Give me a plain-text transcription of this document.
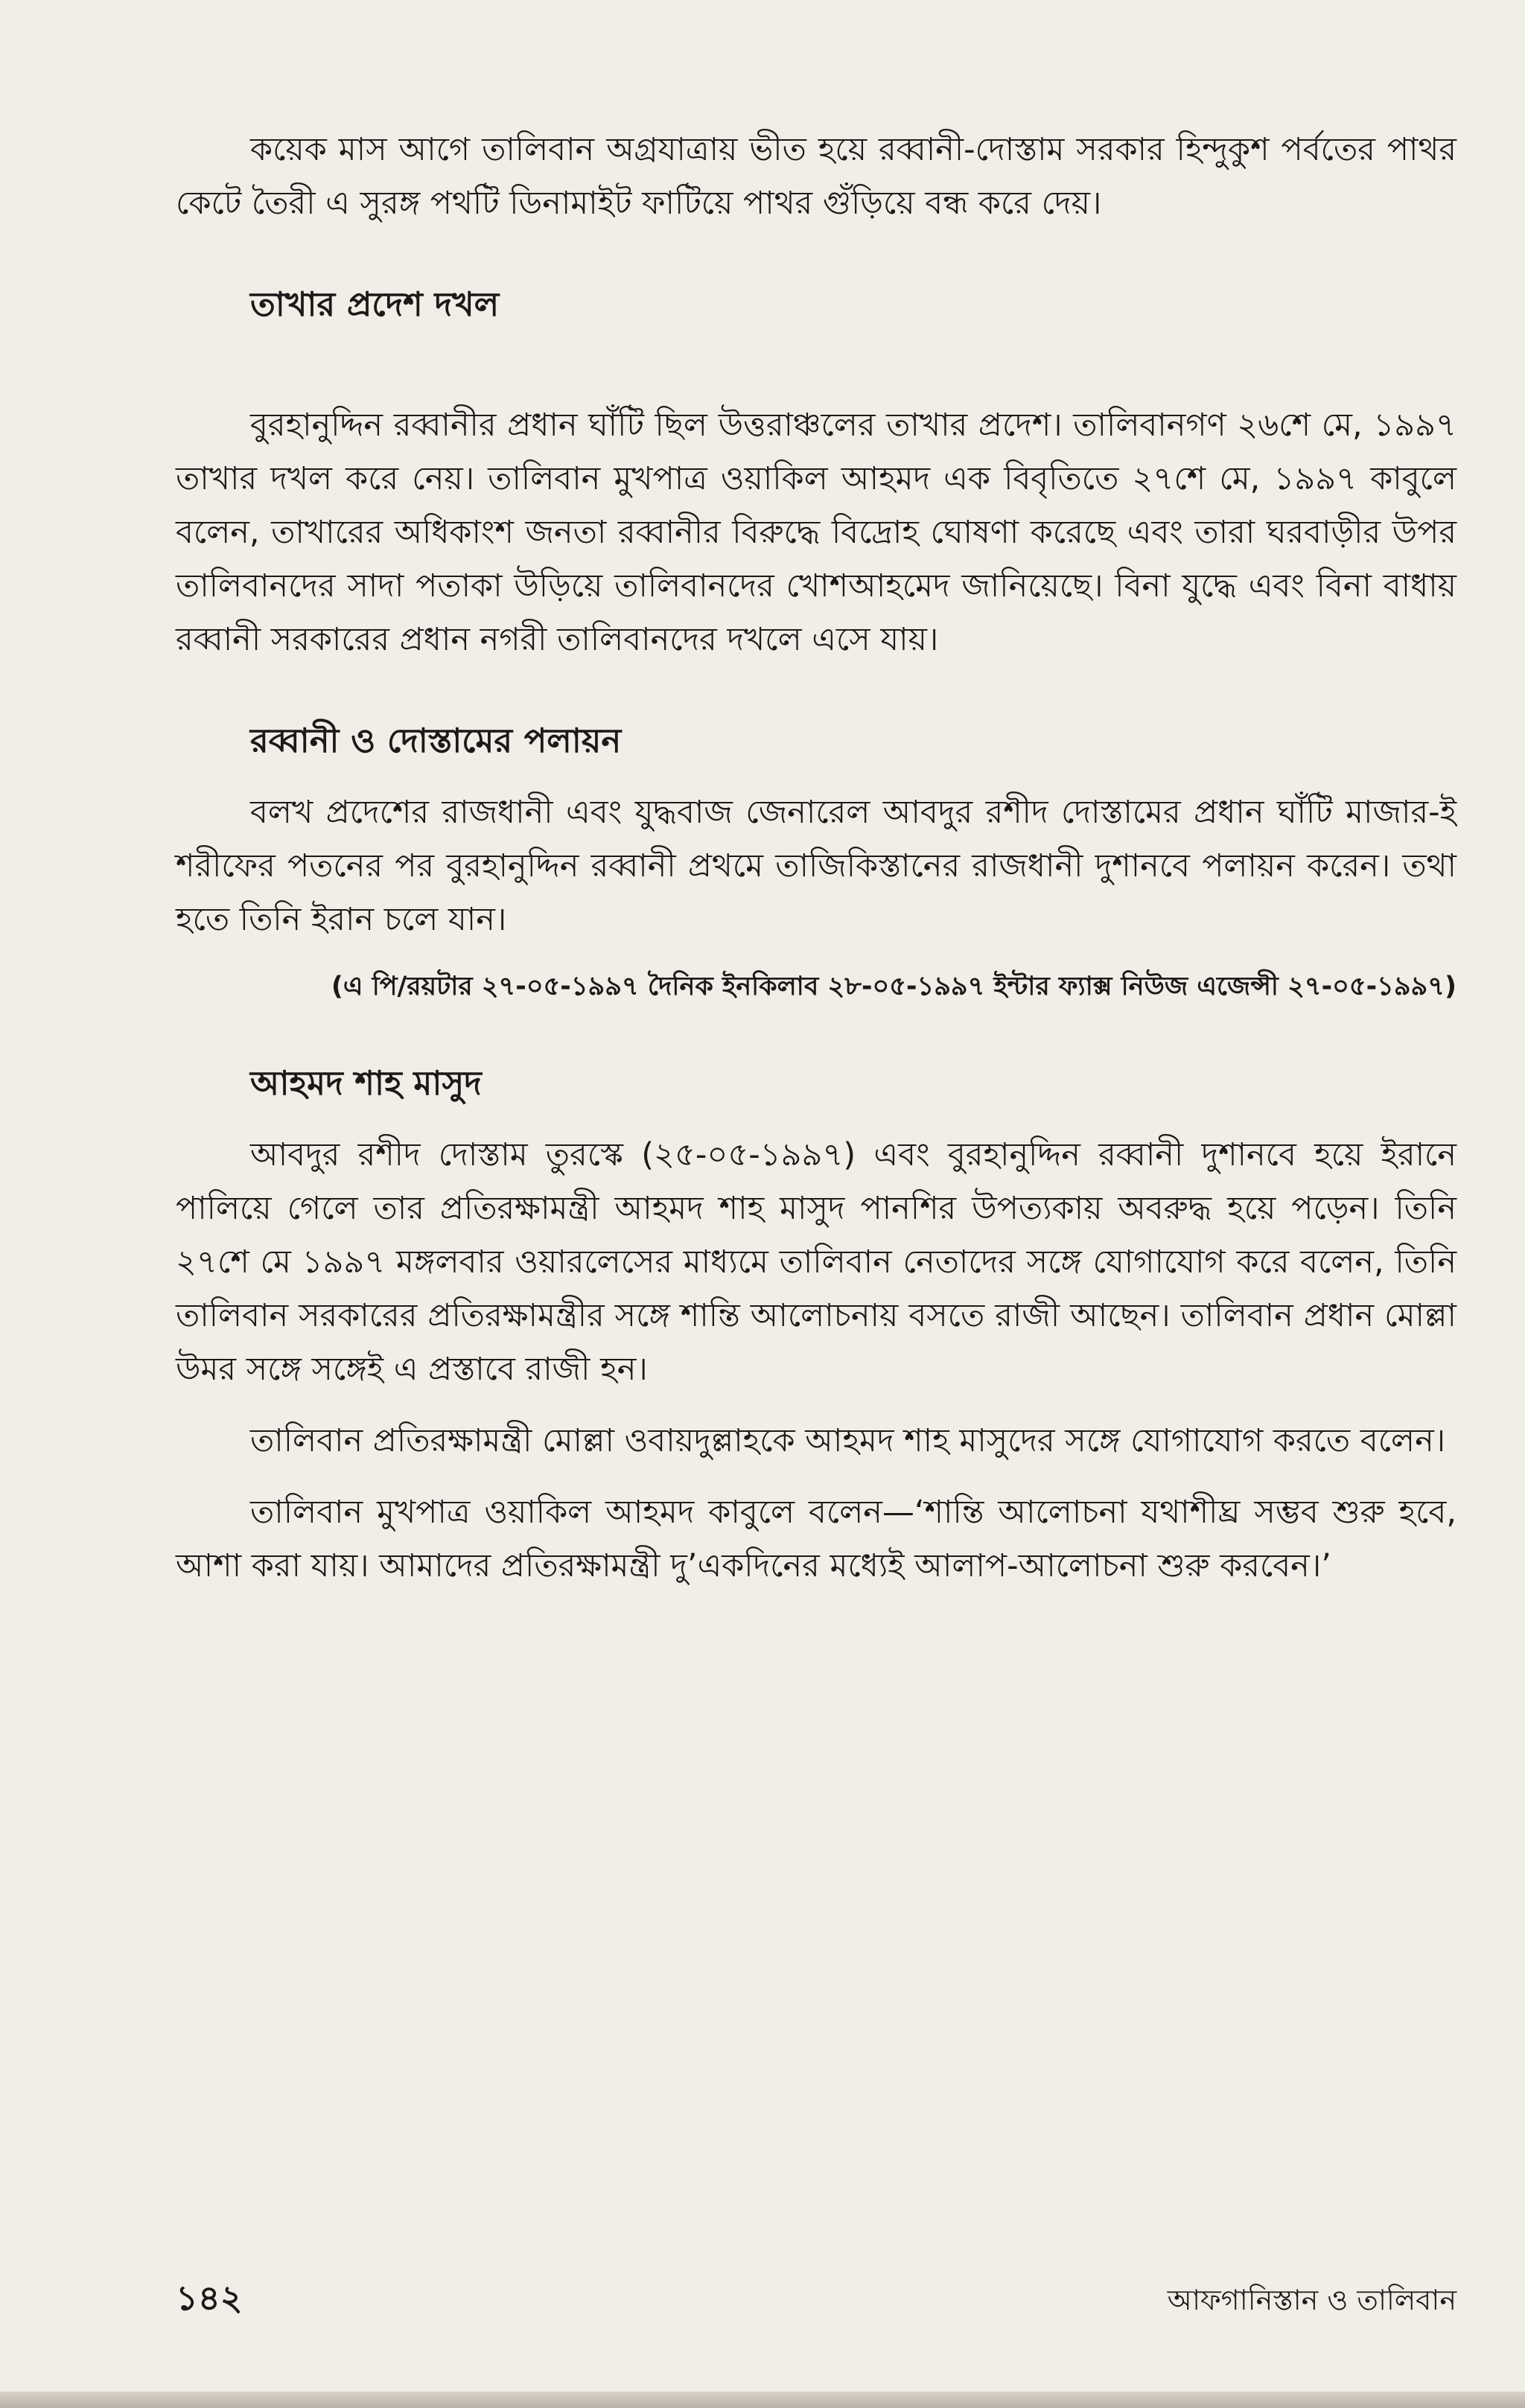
কয়েক মাস আগে তালিবান অগ্রযাত্রায় ভীত হয়ে রব্বানী-দোস্তাম সরকার হিন্দুকুশ পর্বতের পাথর কেটে তৈরী এ সুরঙ্গ পথটি ডিনামাইট ফাটিয়ে পাথর গুঁড়িয়ে বন্ধ করে দেয়।

তাখার প্রদেশ দখল

বুরহানুদ্দিন রব্বানীর প্রধান ঘাঁটি ছিল উত্তরাঞ্চলের তাখার প্রদেশ। তালিবানগণ ২৬শে মে, ১৯৯৭ তাখার দখল করে নেয়। তালিবান মুখপাত্র ওয়াকিল আহমদ এক বিবৃতিতে ২৭শে মে, ১৯৯৭ কাবুলে বলেন, তাখারের অধিকাংশ জনতা রব্বানীর বিরুদ্ধে বিদ্রোহ ঘোষণা করেছে এবং তারা ঘরবাড়ীর উপর তালিবানদের সাদা পতাকা উড়িয়ে তালিবানদের খোশআহমেদ জানিয়েছে। বিনা যুদ্ধে এবং বিনা বাধায় রব্বানী সরকারের প্রধান নগরী তালিবানদের দখলে এসে যায়।

রব্বানী ও দোস্তামের পলায়ন

বলখ প্রদেশের রাজধানী এবং যুদ্ধবাজ জেনারেল আবদুর রশীদ দোস্তামের প্রধান ঘাঁটি মাজার-ই শরীফের পতনের পর বুরহানুদ্দিন রব্বানী প্রথমে তাজিকিস্তানের রাজধানী দুশানবে পলায়ন করেন। তথা হতে তিনি ইরান চলে যান।

(এ পি/রয়টার ২৭-০৫-১৯৯৭ দৈনিক ইনকিলাব ২৮-০৫-১৯৯৭ ইন্টার ফ্যাক্স নিউজ এজেন্সী ২৭-০৫-১৯৯৭)

আহমদ শাহ মাসুদ

আবদুর রশীদ দোস্তাম তুরস্কে (২৫-০৫-১৯৯৭) এবং বুরহানুদ্দিন রব্বানী দুশানবে হয়ে ইরানে পালিয়ে গেলে তার প্রতিরক্ষামন্ত্রী আহমদ শাহ মাসুদ পানশির উপত্যকায় অবরুদ্ধ হয়ে পড়েন। তিনি ২৭শে মে ১৯৯৭ মঙ্গলবার ওয়ারলেসের মাধ্যমে তালিবান নেতাদের সঙ্গে যোগাযোগ করে বলেন, তিনি তালিবান সরকারের প্রতিরক্ষামন্ত্রীর সঙ্গে শান্তি আলোচনায় বসতে রাজী আছেন। তালিবান প্রধান মোল্লা উমর সঙ্গে সঙ্গেই এ প্রস্তাবে রাজী হন।

তালিবান প্রতিরক্ষামন্ত্রী মোল্লা ওবায়দুল্লাহকে আহমদ শাহ মাসুদের সঙ্গে যোগাযোগ করতে বলেন।

তালিবান মুখপাত্র ওয়াকিল আহমদ কাবুলে বলেন—‘শান্তি আলোচনা যথাশীঘ্র সম্ভব শুরু হবে, আশা করা যায়। আমাদের প্রতিরক্ষামন্ত্রী দু’একদিনের মধ্যেই আলাপ-আলোচনা শুরু করবেন।’

১৪২	আফগানিস্তান ও তালিবান
